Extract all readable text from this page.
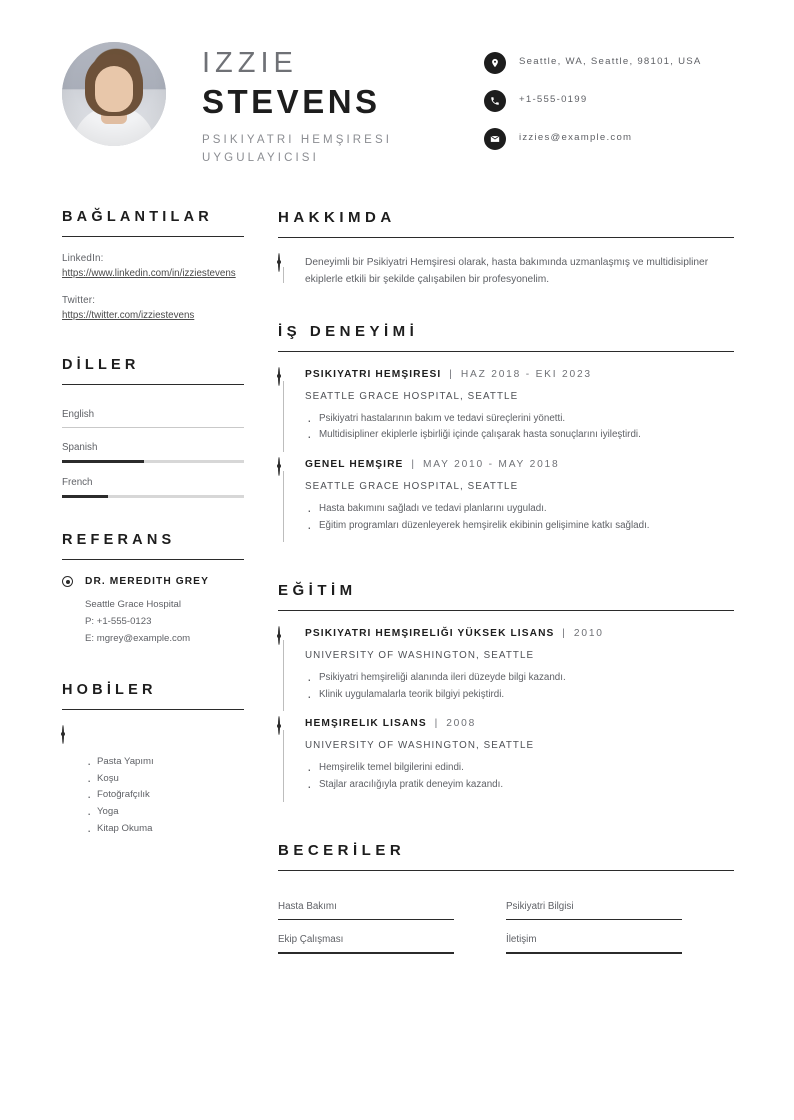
IZZIE
STEVENS
PSIKIYATRI HEMŞIRESI UYGULAYICISI
Seattle, WA, Seattle, 98101, USA
+1-555-0199
izzies@example.com
BAĞLANTILAR
LinkedIn:
https://www.linkedin.com/in/izziestevens
Twitter:
https://twitter.com/izziestevens
DİLLER
English
Spanish
French
REFERANS
DR. MEREDITH GREY
Seattle Grace Hospital
P: +1-555-0123
E: mgrey@example.com
HOBİLER
· Pasta Yapımı
· Koşu
· Fotoğrafçılık
· Yoga
· Kitap Okuma
HAKKIMDA

Deneyimli bir Psikiyatri Hemşiresi olarak, hasta bakımında uzmanlaşmış ve multidisipliner ekiplerle etkili bir şekilde çalışabilen bir profesyonelim.

İŞ DENEYİMİ
PSIKIYATRI HEMŞIRESI  |  HAZ 2018 - EKI 2023
SEATTLE GRACE HOSPITAL, SEATTLE
· Psikiyatri hastalarının bakım ve tedavi süreçlerini yönetti.
· Multidisipliner ekiplerle işbirliği içinde çalışarak hasta sonuçlarını iyileştirdi.
GENEL HEMŞIRE  |  MAY 2010 - MAY 2018
SEATTLE GRACE HOSPITAL, SEATTLE
· Hasta bakımını sağladı ve tedavi planlarını uyguladı.
· Eğitim programları düzenleyerek hemşirelik ekibinin gelişimine katkı sağladı.
EĞİTİM
PSIKIYATRI HEMŞIRELIĞI YÜKSEK LISANS  |  2010
UNIVERSITY OF WASHINGTON, SEATTLE
· Psikiyatri hemşireliği alanında ileri düzeyde bilgi kazandı.
· Klinik uygulamalarla teorik bilgiyi pekiştirdi.
HEMŞIRELIK LISANS  |  2008
UNIVERSITY OF WASHINGTON, SEATTLE
· Hemşirelik temel bilgilerini edindi.
· Stajlar aracılığıyla pratik deneyim kazandı.
BECERİLER
Hasta Bakımı	Psikiyatri Bilgisi
Ekip Çalışması	İletişim
